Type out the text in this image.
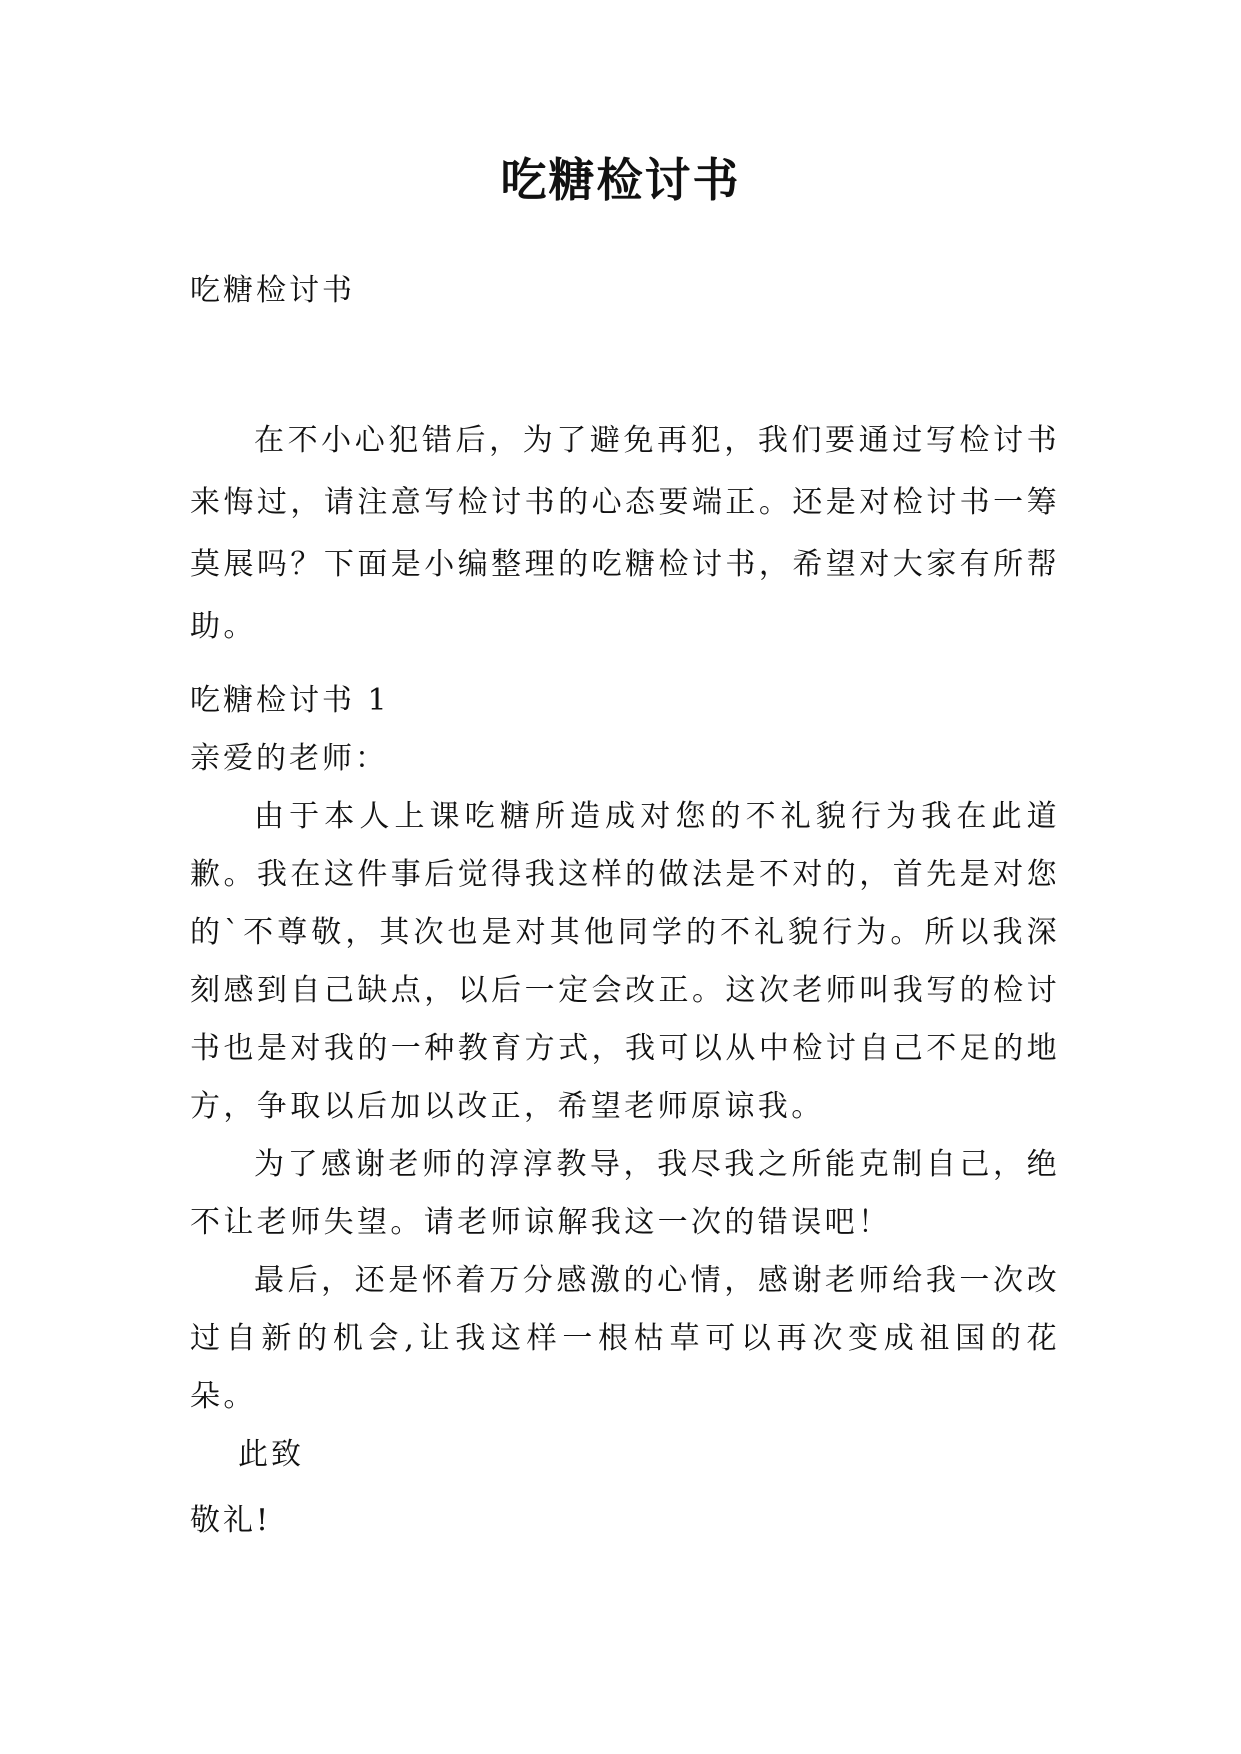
吃糖检讨书

吃糖检讨书

在不小心犯错后，为了避免再犯，我们要通过写检讨书来悔过，请注意写检讨书的心态要端正。还是对检讨书一筹莫展吗？下面是小编整理的吃糖检讨书，希望对大家有所帮助。

吃糖检讨书 1

亲爱的老师：

由于本人上课吃糖所造成对您的不礼貌行为我在此道歉。我在这件事后觉得我这样的做法是不对的，首先是对您的`不尊敬，其次也是对其他同学的不礼貌行为。所以我深刻感到自己缺点，以后一定会改正。这次老师叫我写的检讨书也是对我的一种教育方式，我可以从中检讨自己不足的地方，争取以后加以改正，希望老师原谅我。

为了感谢老师的淳淳教导，我尽我之所能克制自己，绝不让老师失望。请老师谅解我这一次的错误吧！

最后，还是怀着万分感激的心情，感谢老师给我一次改过自新的机会,让我这样一根枯草可以再次变成祖国的花朵。

此致

敬礼!
